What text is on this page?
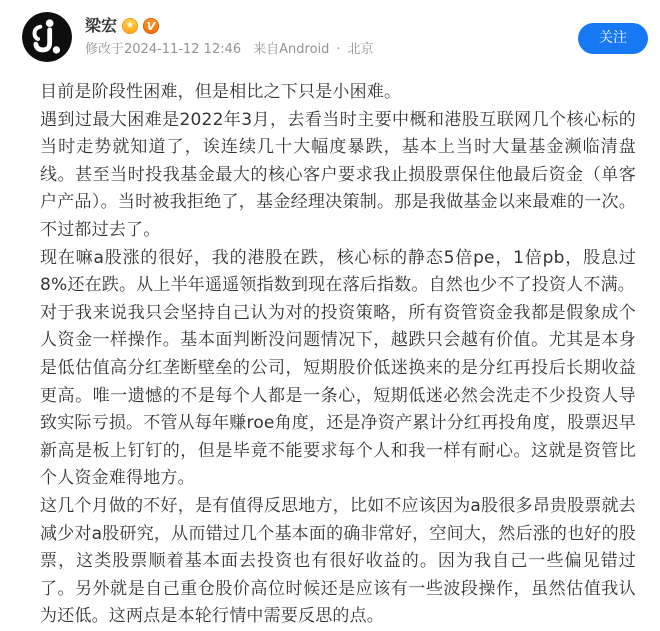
梁宏 ★	V
修改于2024-11-12 12:46 来自Android · 北京
关注

目前是阶段性困难，但是相比之下只是小困难。

遇到过最大困难是2022年3月，去看当时主要中概和港股互联网几个核心标的当时走势就知道了，诶连续几十大幅度暴跌，基本上当时大量基金濒临清盘线。甚至当时投我基金最大的核心客户要求我止损股票保住他最后资金（单客户产品）。当时被我拒绝了，基金经理决策制。那是我做基金以来最难的一次。不过都过去了。

现在嘛a股涨的很好，我的港股在跌，核心标的静态5倍pe，1倍pb，股息过8%还在跌。从上半年遥遥领指数到现在落后指数。自然也少不了投资人不满。

对于我来说我只会坚持自己认为对的投资策略，所有资管资金我都是假象成个人资金一样操作。基本面判断没问题情况下，越跌只会越有价值。尤其是本身是低估值高分红垄断壁垒的公司，短期股价低迷换来的是分红再投后长期收益更高。唯一遗憾的不是每个人都是一条心，短期低迷必然会洗走不少投资人导致实际亏损。不管从每年赚roe角度，还是净资产累计分红再投角度，股票迟早新高是板上钉钉的，但是毕竟不能要求每个人和我一样有耐心。这就是资管比个人资金难得地方。

这几个月做的不好，是有值得反思地方，比如不应该因为a股很多昂贵股票就去减少对a股研究，从而错过几个基本面的确非常好，空间大，然后涨的也好的股票，这类股票顺着基本面去投资也有很好收益的。因为我自己一些偏见错过了。另外就是自己重仓股价高位时候还是应该有一些波段操作，虽然估值我认为还低。这两点是本轮行情中需要反思的点。
